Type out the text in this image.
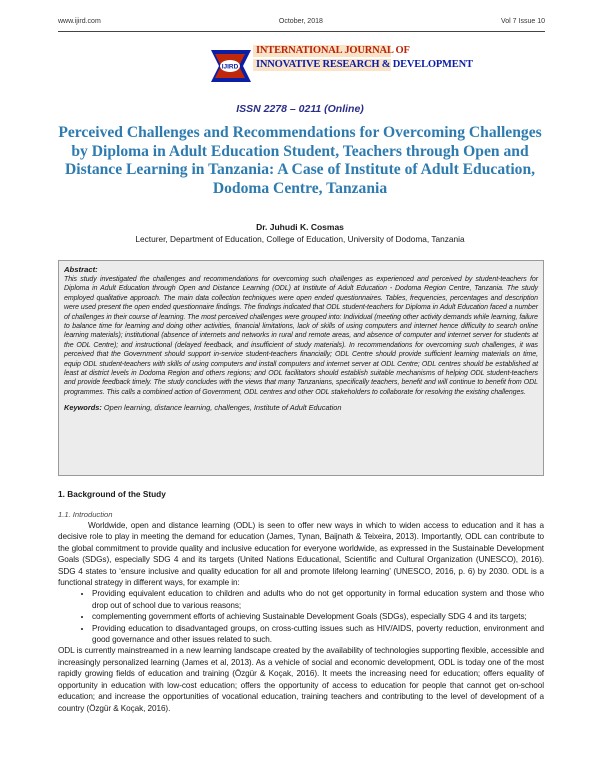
www.ijird.com	October, 2018	Vol 7 Issue 10
IJIRD
INTERNATIONAL JOURNAL OF
INNOVATIVE RESEARCH & DEVELOPMENT
ISSN 2278 – 0211 (Online)
Perceived Challenges and Recommendations for Overcoming Challenges by Diploma in Adult Education Student, Teachers through Open and Distance Learning in Tanzania: A Case of Institute of Adult Education, Dodoma Centre, Tanzania
Dr. Juhudi K. Cosmas
Lecturer, Department of Education, College of Education, University of Dodoma, Tanzania
Abstract:

This study investigated the challenges and recommendations for overcoming such challenges as experienced and perceived by student-teachers for Diploma in Adult Education through Open and Distance Learning (ODL) at Institute of Adult Education - Dodoma Region Centre, Tanzania. The study employed qualitative approach. The main data collection techniques were open ended questionnaires. Tables, frequencies, percentages and description were used present the open ended questionnaire findings. The findings indicated that ODL student-teachers for Diploma in Adult Education faced a number of challenges in their course of learning. The most perceived challenges were grouped into: Individual (meeting other activity demands while learning, failure to balance time for learning and doing other activities, financial limitations, lack of skills of using computers and internet hence difficulty to search online learning materials); institutional (absence of internets and networks in rural and remote areas, and absence of computer and internet server for students at the ODL Centre); and instructional (delayed feedback, and insufficient of study materials). In recommendations for overcoming such challenges, it was perceived that the Government should support in-service student-teachers financially; ODL Centre should provide sufficient learning materials on time, equip ODL student-teachers with skills of using computers and install computers and internet server at ODL Centre; ODL centres should be established at least at district levels in Dodoma Region and others regions; and ODL facilitators should establish suitable mechanisms of helping ODL student-teachers and provide feedback timely. The study concludes with the views that many Tanzanians, specifically teachers, benefit and will continue to benefit from ODL programmes. This calls a combined action of Government, ODL centres and other ODL stakeholders to collaborate for resolving the existing challenges.

Keywords: Open learning, distance learning, challenges, Institute of Adult Education
1. Background of the Study
1.1. Introduction

Worldwide, open and distance learning (ODL) is seen to offer new ways in which to widen access to education and it has a decisive role to play in meeting the demand for education (James, Tynan, Baijnath & Teixeira, 2013). Importantly, ODL can contribute to the global commitment to provide quality and inclusive education for everyone worldwide, as expressed in the Sustainable Development Goals (SDGs), especially SDG 4 and its targets (United Nations Educational, Scientific and Cultural Organization (UNESCO), 2016). SDG 4 states to ‘ensure inclusive and quality education for all and promote lifelong learning’ (UNESCO, 2016, p. 6) by 2030. ODL is a functional strategy in different ways, for example in:

• Providing equivalent education to children and adults who do not get opportunity in formal education system and those who drop out of school due to various reasons;
• complementing government efforts of achieving Sustainable Development Goals (SDGs), especially SDG 4 and its targets;
• Providing education to disadvantaged groups, on cross-cutting issues such as HIV/AIDS, poverty reduction, environment and good governance and other issues related to such.

ODL is currently mainstreamed in a new learning landscape created by the availability of technologies supporting flexible, accessible and increasingly personalized learning (James et al, 2013). As a vehicle of social and economic development, ODL is today one of the most rapidly growing fields of education and training (Özgür & Koçak, 2016). It meets the increasing need for education; offers equality of opportunity in education with low-cost education; offers the opportunity of access to education for people that cannot get on-school education; and increase the opportunities of vocational education, training teachers and contributing to the level of development of a country (Özgür & Koçak, 2016).
